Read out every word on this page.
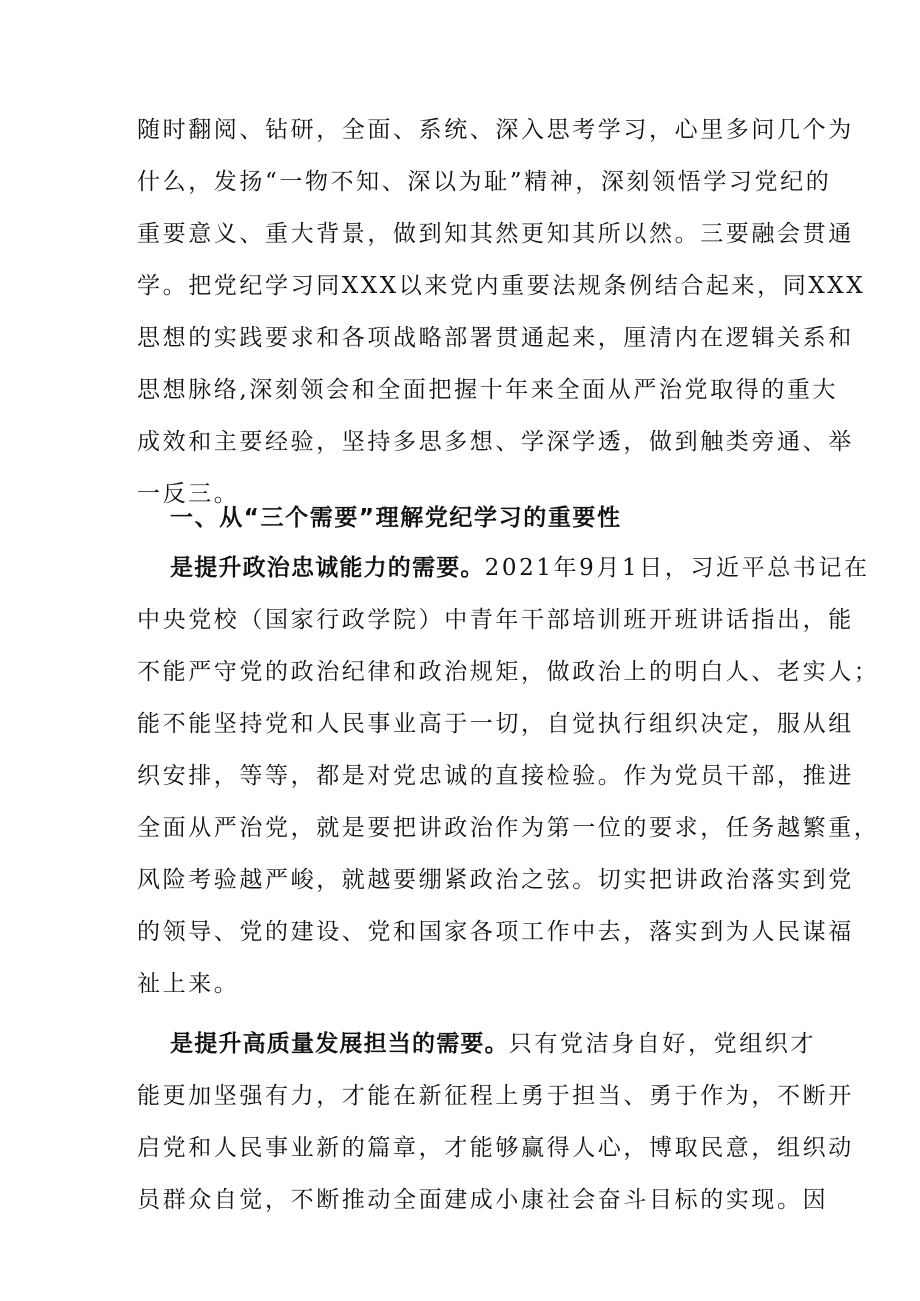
随时翻阅、钻研，全面、系统、深入思考学习，心里多问几个为
什么，发扬“一物不知、深以为耻”精神，深刻领悟学习党纪的
重要意义、重大背景，做到知其然更知其所以然。三要融会贯通
学。把党纪学习同XXX以来党内重要法规条例结合起来，同XXX
思想的实践要求和各项战略部署贯通起来，厘清内在逻辑关系和
思想脉络,深刻领会和全面把握十年来全面从严治党取得的重大
成效和主要经验，坚持多思多想、学深学透，做到触类旁通、举
一反三。
一、从“三个需要”理解党纪学习的重要性
是提升政治忠诚能力的需要。2021年9月1日，习近平总书记在
中央党校（国家行政学院）中青年干部培训班开班讲话指出，能
不能严守党的政治纪律和政治规矩，做政治上的明白人、老实人；
能不能坚持党和人民事业高于一切，自觉执行组织决定，服从组
织安排，等等，都是对党忠诚的直接检验。作为党员干部，推进
全面从严治党，就是要把讲政治作为第一位的要求，任务越繁重，
风险考验越严峻，就越要绷紧政治之弦。切实把讲政治落实到党
的领导、党的建设、党和国家各项工作中去，落实到为人民谋福
祉上来。
是提升高质量发展担当的需要。只有党洁身自好，党组织才
能更加坚强有力，才能在新征程上勇于担当、勇于作为，不断开
启党和人民事业新的篇章，才能够赢得人心，博取民意，组织动
员群众自觉，不断推动全面建成小康社会奋斗目标的实现。因
